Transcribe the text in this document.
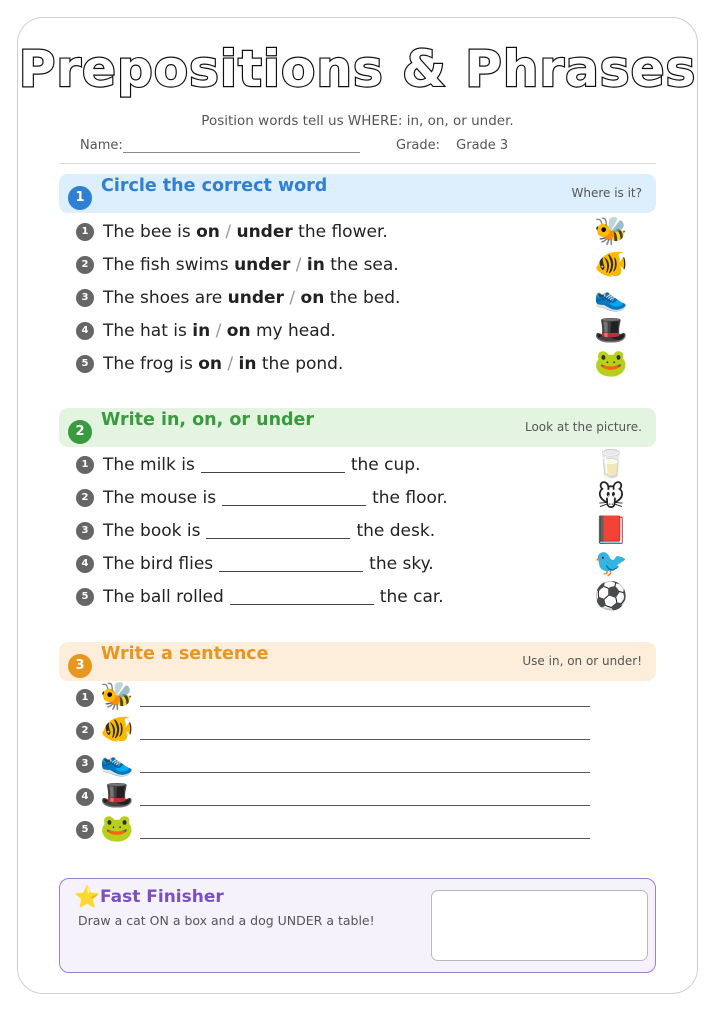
Prepositions & Phrases
Position words tell us WHERE: in, on, or under.
Name:	Grade: Grade 3
1
Circle the correct word	Where is it?
1 The bee is on / under the flower.	🐝
2 The fish swims under / in the sea.	🐠
3 The shoes are under / on the bed.	👟
4 The hat is in / on my head.	🎩
5 The frog is on / in the pond.	🐸
2
Write in, on, or under	Look at the picture.
1 The milk is	the cup.	🥛
2 The mouse is	the floor.	🐭
3 The book is	the desk.	📕
4 The bird flies	the sky.	🐦
5 The ball rolled	the car.	⚽
3
Write a sentence	Use in, on or under!
1 🐝
2 🐠
3 👟
4 🎩
5 🐸
⭐ Fast Finisher
Draw a cat ON a box and a dog UNDER a table!
